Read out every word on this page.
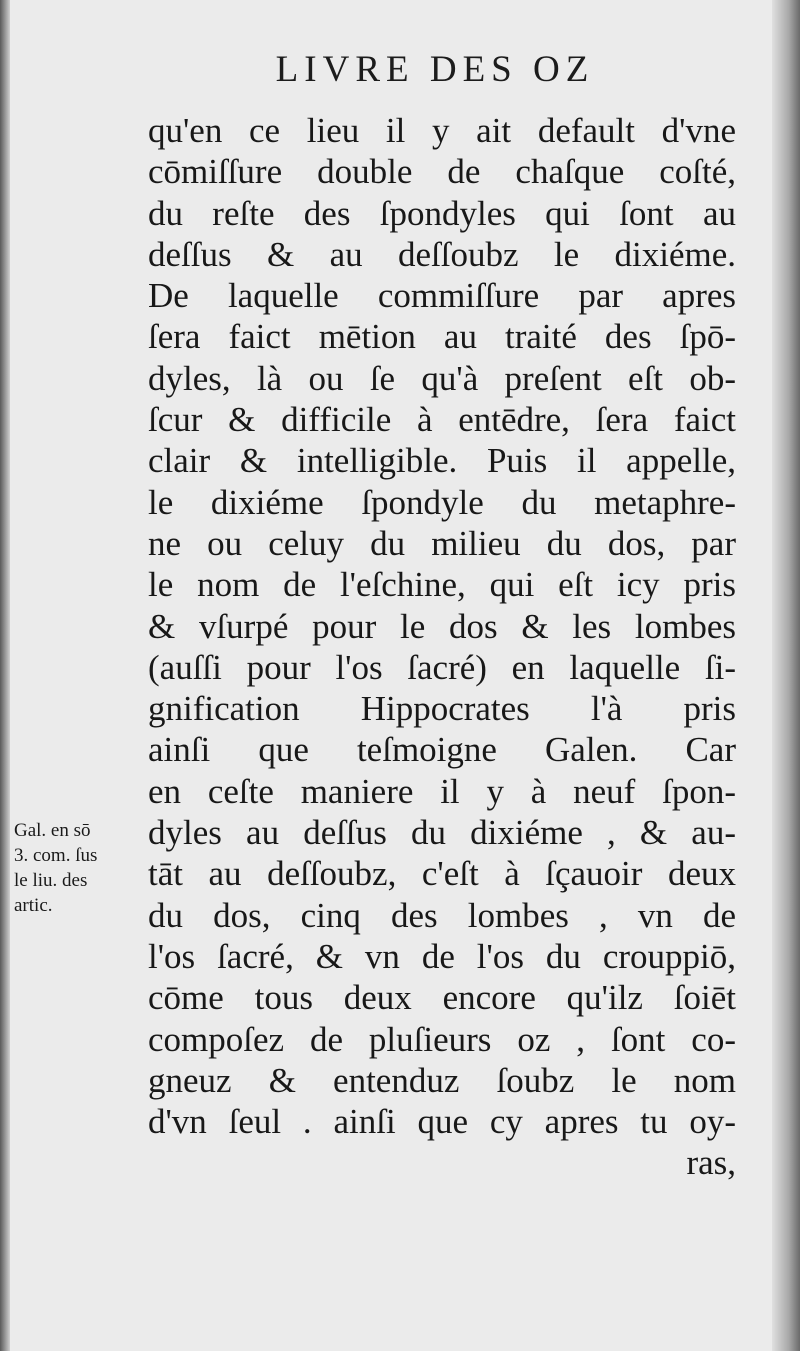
LIVRE DES OZ
qu'en ce lieu il y ait default d'vne
cōmiſſure double de chaſque coſté,
du reſte des ſpondyles qui ſont au
deſſus & au deſſoubz le dixiéme.
De laquelle commiſſure par apres
ſera faict mētion au traité des ſpō-
dyles, là ou ſe qu'à preſent eſt ob-
ſcur & difficile à entēdre, ſera faict
clair & intelligible. Puis il appelle,
le dixiéme ſpondyle du metaphre-
ne ou celuy du milieu du dos, par
le nom de l'eſchine, qui eſt icy pris
& vſurpé pour le dos & les lombes
(auſſi pour l'os ſacré) en laquelle ſi-
gnification Hippocrates l'à pris
ainſi que teſmoigne Galen. Car
en ceſte maniere il y à neuf ſpon-
dyles au deſſus du dixiéme , & au-
tāt au deſſoubz, c'eſt à ſçauoir deux
du dos, cinq des lombes , vn de
l'os ſacré, & vn de l'os du crouppiō,
cōme tous deux encore qu'ilz ſoiēt
compoſez de pluſieurs oz , ſont co-
gneuz & entenduz ſoubz le nom
d'vn ſeul . ainſi que cy apres tu oy-
ras,
Gal. en sō
3. com. ſus
le liu. des
artic.
